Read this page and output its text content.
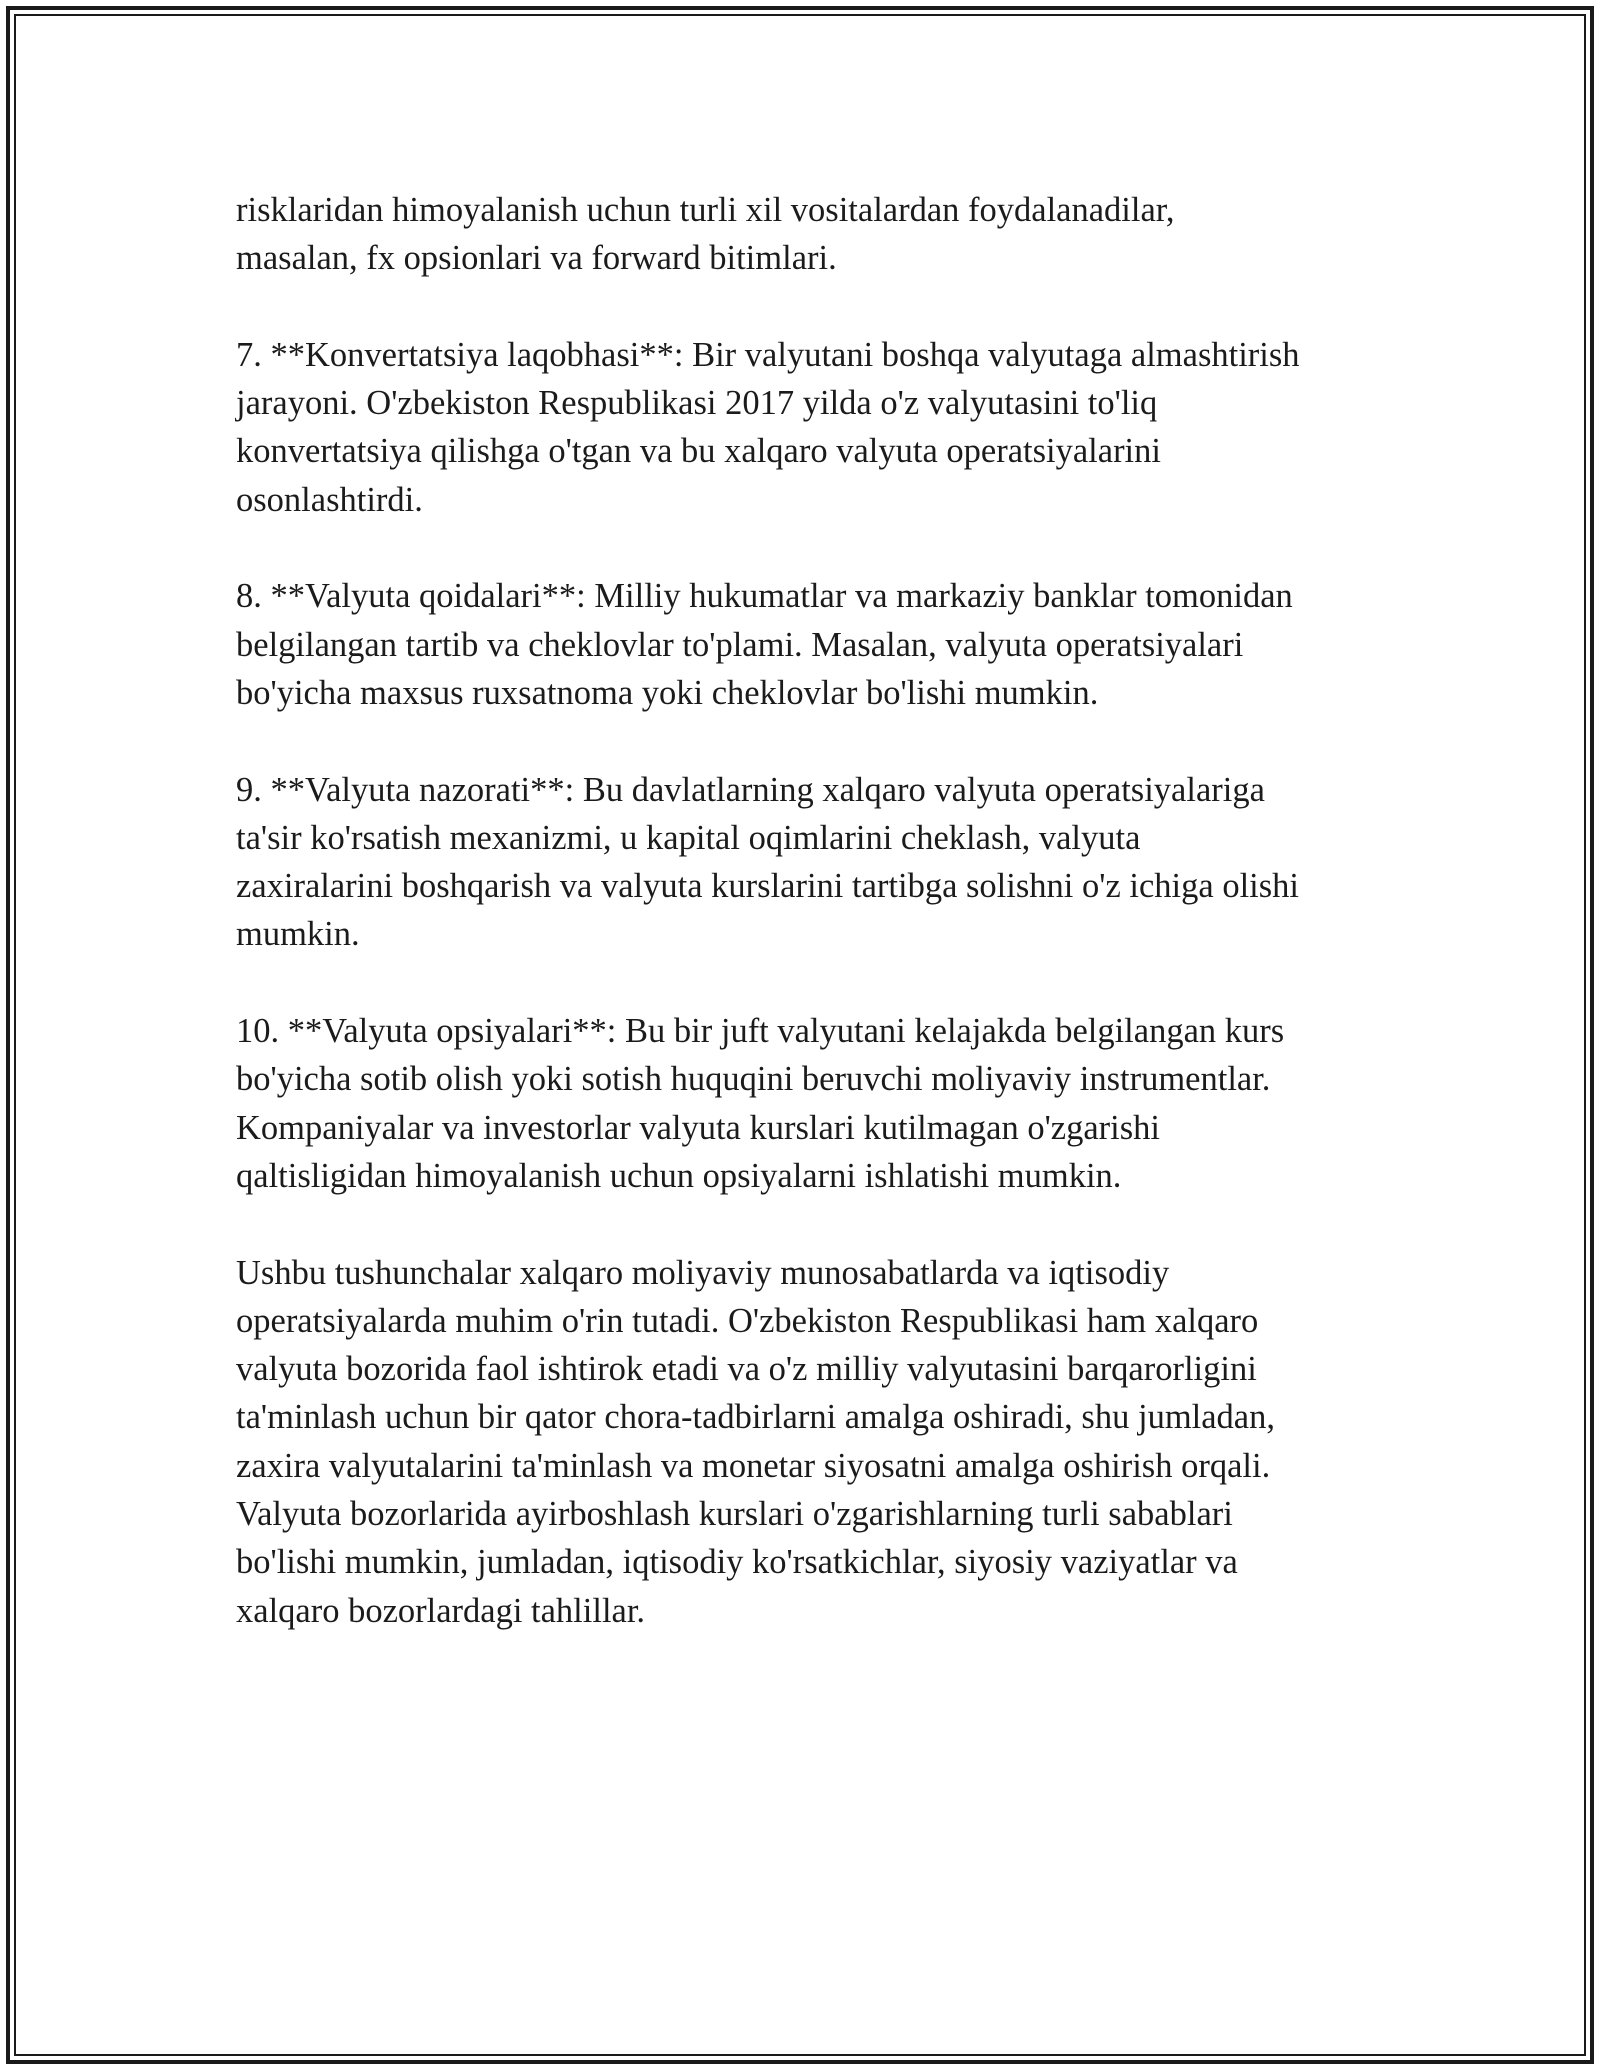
risklaridan himoyalanish uchun turli xil vositalardan foydalanadilar,
masalan, fx opsionlari va forward bitimlari.

7. **Konvertatsiya laqobhasi**: Bir valyutani boshqa valyutaga almashtirish
jarayoni. O'zbekiston Respublikasi 2017 yilda o'z valyutasini to'liq
konvertatsiya qilishga o'tgan va bu xalqaro valyuta operatsiyalarini
osonlashtirdi.

8. **Valyuta qoidalari**: Milliy hukumatlar va markaziy banklar tomonidan
belgilangan tartib va cheklovlar to'plami. Masalan, valyuta operatsiyalari
bo'yicha maxsus ruxsatnoma yoki cheklovlar bo'lishi mumkin.

9. **Valyuta nazorati**: Bu davlatlarning xalqaro valyuta operatsiyalariga
ta'sir ko'rsatish mexanizmi, u kapital oqimlarini cheklash, valyuta
zaxiralarini boshqarish va valyuta kurslarini tartibga solishni o'z ichiga olishi
mumkin.

10. **Valyuta opsiyalari**: Bu bir juft valyutani kelajakda belgilangan kurs
bo'yicha sotib olish yoki sotish huquqini beruvchi moliyaviy instrumentlar.
Kompaniyalar va investorlar valyuta kurslari kutilmagan o'zgarishi
qaltisligidan himoyalanish uchun opsiyalarni ishlatishi mumkin.

Ushbu tushunchalar xalqaro moliyaviy munosabatlarda va iqtisodiy
operatsiyalarda muhim o'rin tutadi. O'zbekiston Respublikasi ham xalqaro
valyuta bozorida faol ishtirok etadi va o'z milliy valyutasini barqarorligini
ta'minlash uchun bir qator chora-tadbirlarni amalga oshiradi, shu jumladan,
zaxira valyutalarini ta'minlash va monetar siyosatni amalga oshirish orqali.
Valyuta bozorlarida ayirboshlash kurslari o'zgarishlarning turli sabablari
bo'lishi mumkin, jumladan, iqtisodiy ko'rsatkichlar, siyosiy vaziyatlar va
xalqaro bozorlardagi tahlillar.
